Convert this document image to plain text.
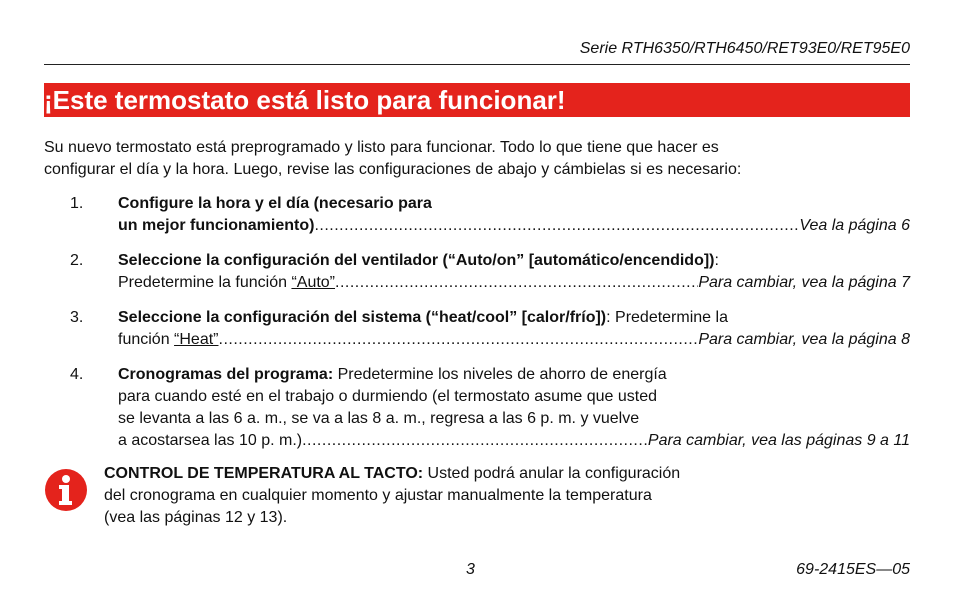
Serie RTH6350/RTH6450/RET93E0/RET95E0
¡Este termostato está listo para funcionar!
Su nuevo termostato está preprogramado y listo para funcionar. Todo lo que tiene que hacer es
configurar el día y la hora. Luego, revise las configuraciones de abajo y cámbielas si es necesario:
1. Configure la hora y el día (necesario para
un mejor funcionamiento) .....	Vea la página 6
2. Seleccione la configuración del ventilador (“Auto/on” [automático/encendido]) :
Predetermine la función “Auto” .....	Para cambiar, vea la página 7
3. Seleccione la configuración del sistema (“heat/cool” [calor/frío]) : Predetermine la
función “Heat” .....	Para cambiar, vea la página 8
4. Cronogramas del programa: Predetermine los niveles de ahorro de energía
para cuando esté en el trabajo o durmiendo (el termostato asume que usted
se levanta a las 6 a. m., se va a las 8 a. m., regresa a las 6 p. m. y vuelve
a acostarsea las 10 p. m.) .....	Para cambiar, vea las páginas 9 a 11
CONTROL DE TEMPERATURA AL TACTO: Usted podrá anular la configuración
del cronograma en cualquier momento y ajustar manualmente la temperatura
(vea las páginas 12 y 13).
3	69-2415ES—05
